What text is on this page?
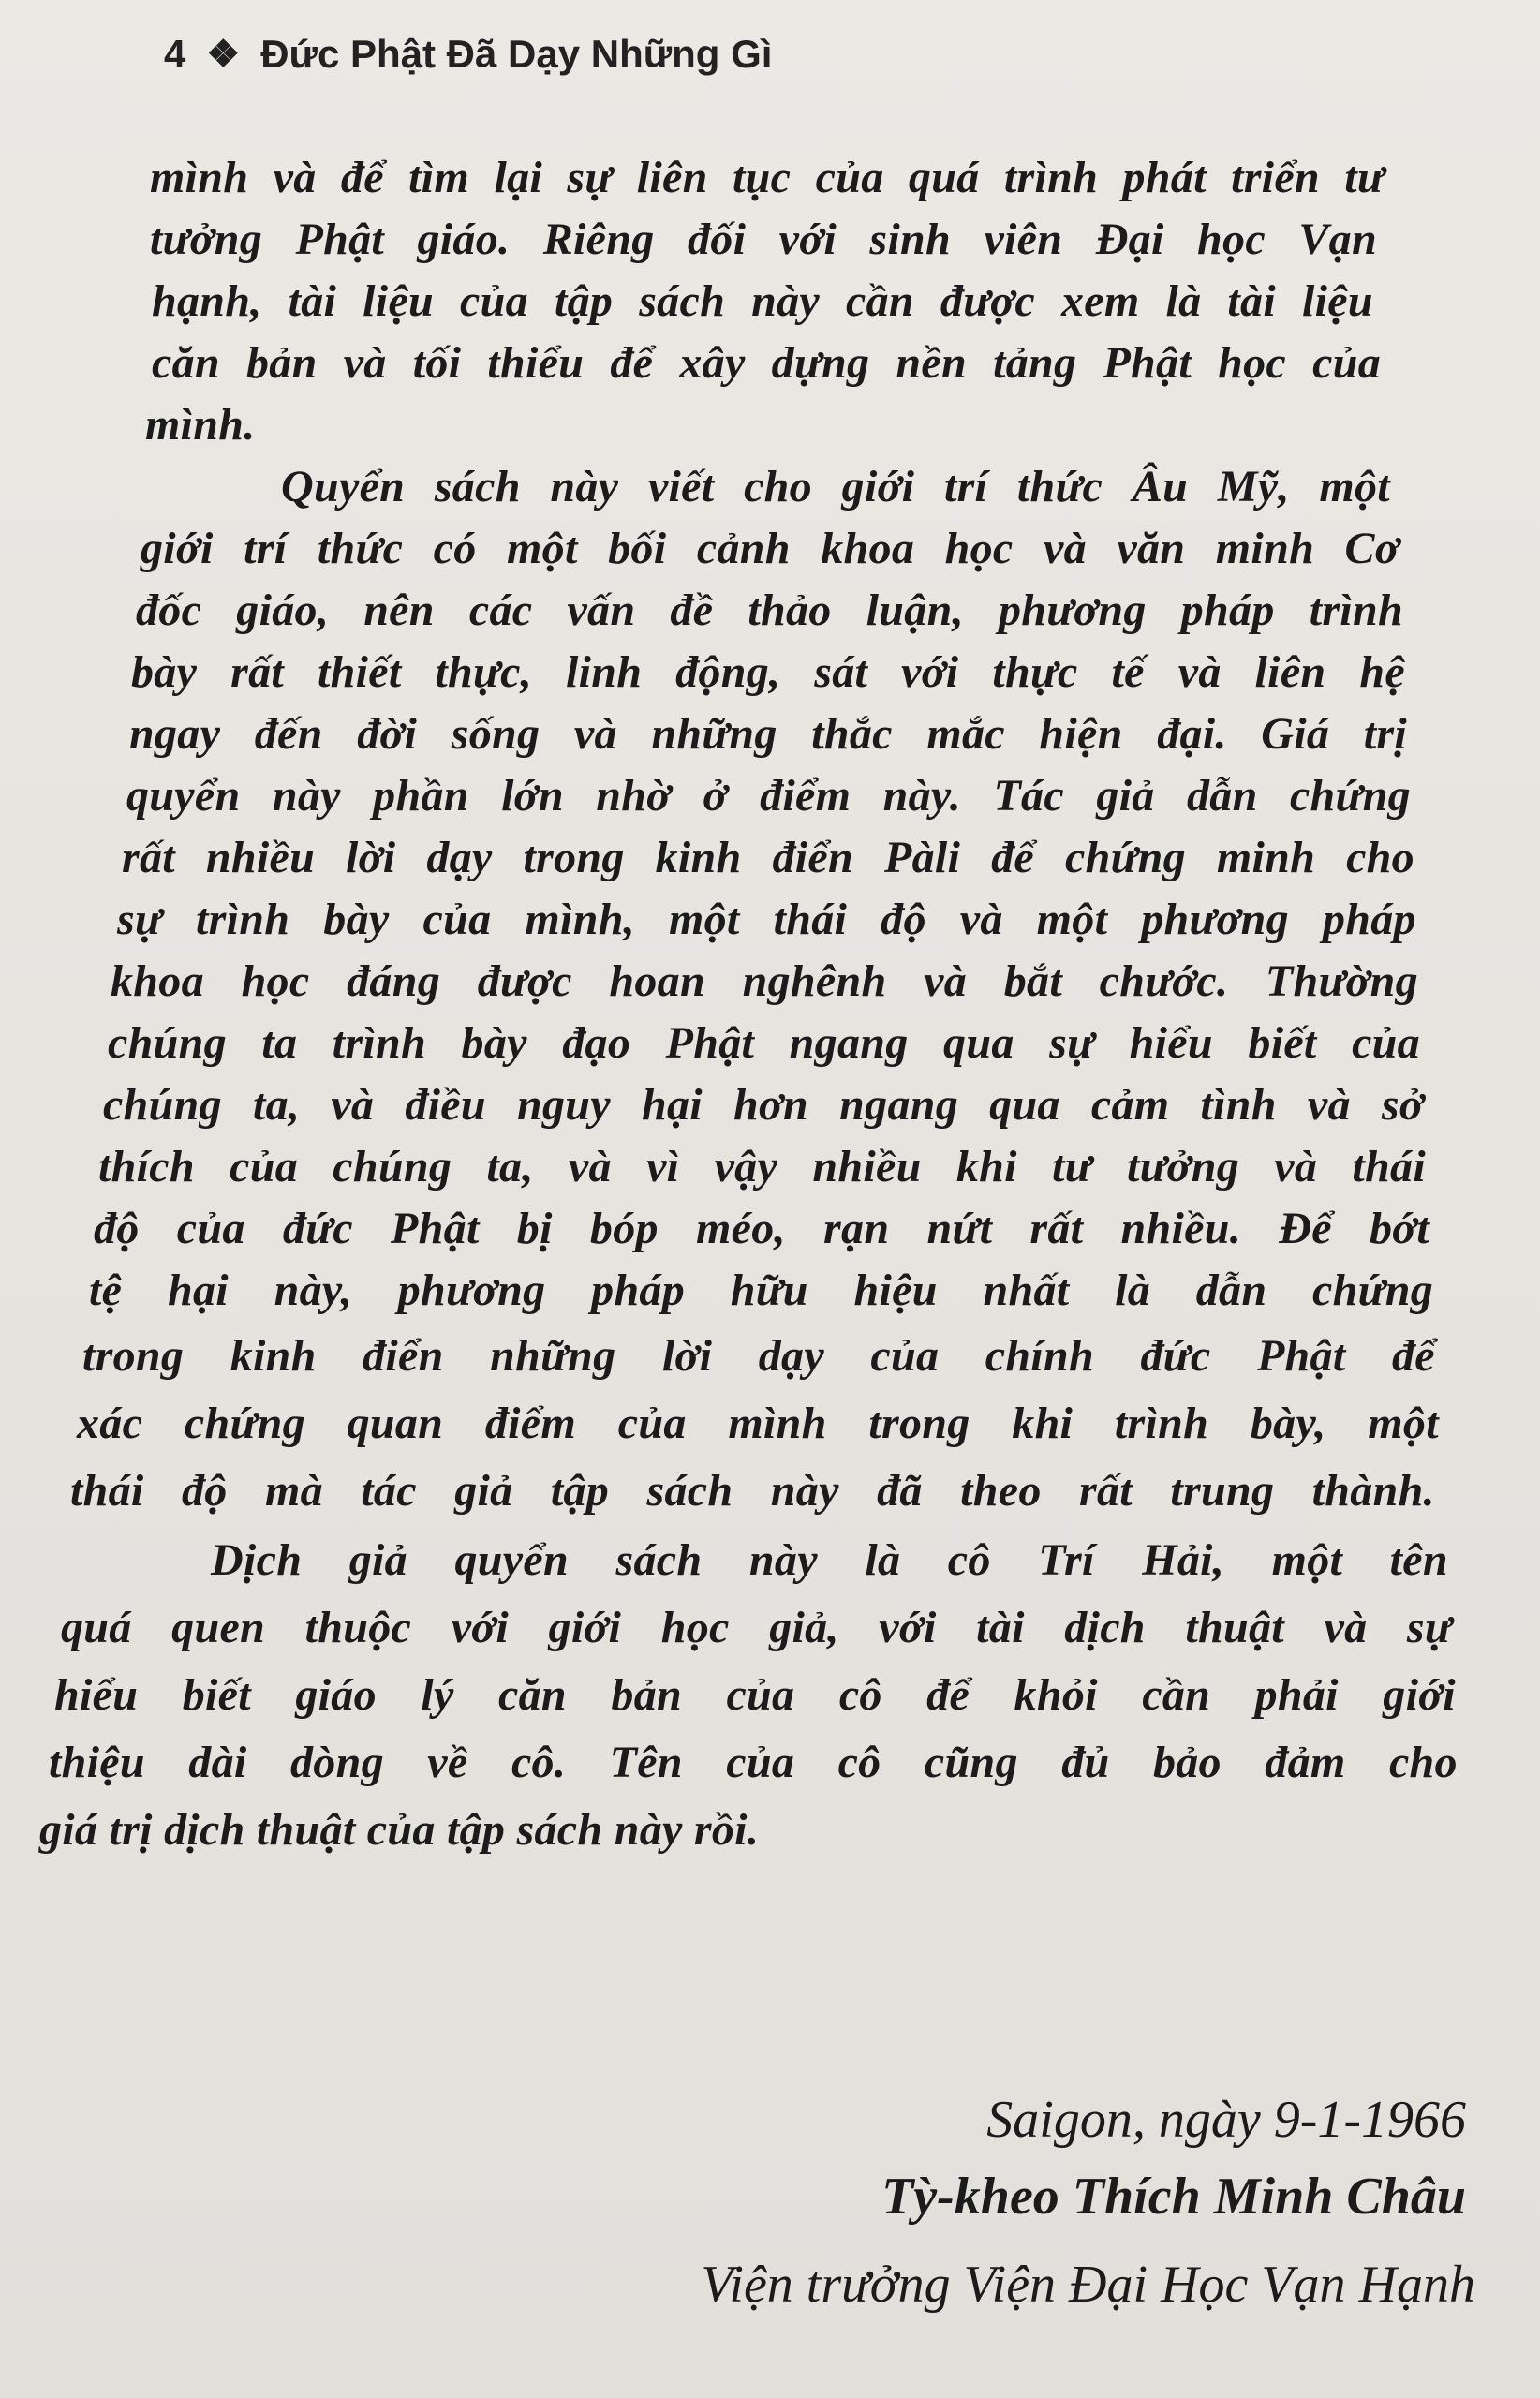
4 ❖ Đức Phật Đã Dạy Những Gì
mình và để tìm lại sự liên tục của quá trình phát triển tư
tưởng Phật giáo. Riêng đối với sinh viên Đại học Vạn
hạnh, tài liệu của tập sách này cần được xem là tài liệu
căn bản và tối thiểu để xây dựng nền tảng Phật học của
mình.
Quyển sách này viết cho giới trí thức Âu Mỹ, một
giới trí thức có một bối cảnh khoa học và văn minh Cơ
đốc giáo, nên các vấn đề thảo luận, phương pháp trình
bày rất thiết thực, linh động, sát với thực tế và liên hệ
ngay đến đời sống và những thắc mắc hiện đại. Giá trị
quyển này phần lớn nhờ ở điểm này. Tác giả dẫn chứng
rất nhiều lời dạy trong kinh điển Pàli để chứng minh cho
sự trình bày của mình, một thái độ và một phương pháp
khoa học đáng được hoan nghênh và bắt chước. Thường
chúng ta trình bày đạo Phật ngang qua sự hiểu biết của
chúng ta, và điều nguy hại hơn ngang qua cảm tình và sở
thích của chúng ta, và vì vậy nhiều khi tư tưởng và thái
độ của đức Phật bị bóp méo, rạn nứt rất nhiều. Để bớt
tệ hại này, phương pháp hữu hiệu nhất là dẫn chứng
trong kinh điển những lời dạy của chính đức Phật để
xác chứng quan điểm của mình trong khi trình bày, một
thái độ mà tác giả tập sách này đã theo rất trung thành.
Dịch giả quyển sách này là cô Trí Hải, một tên
quá quen thuộc với giới học giả, với tài dịch thuật và sự
hiểu biết giáo lý căn bản của cô để khỏi cần phải giới
thiệu dài dòng về cô. Tên của cô cũng đủ bảo đảm cho
giá trị dịch thuật của tập sách này rồi.
Saigon, ngày 9-1-1966
Tỳ-kheo Thích Minh Châu
Viện trưởng Viện Đại Học Vạn Hạnh
